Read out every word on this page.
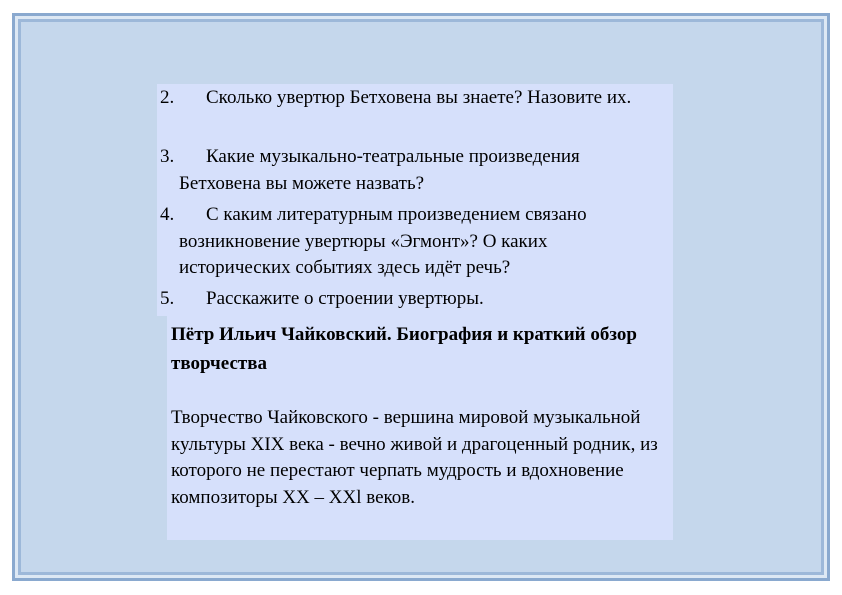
2.	Сколько увертюр Бетховена вы знаете? Назовите их.
3.	Какие музыкально-театральные произведения Бетховена вы можете назвать?
4.	С каким литературным произведением связано возникновение увертюры «Эгмонт»? О каких исторических событиях здесь идёт речь?
5.	Расскажите о строении увертюры.

Пётр Ильич Чайковский. Биография и краткий обзор творчества

Творчество Чайковского - вершина мировой музыкальной культуры XIX века - вечно живой и драгоценный родник, из которого не перестают черпать мудрость и вдохновение композиторы XX – XXl веков.
